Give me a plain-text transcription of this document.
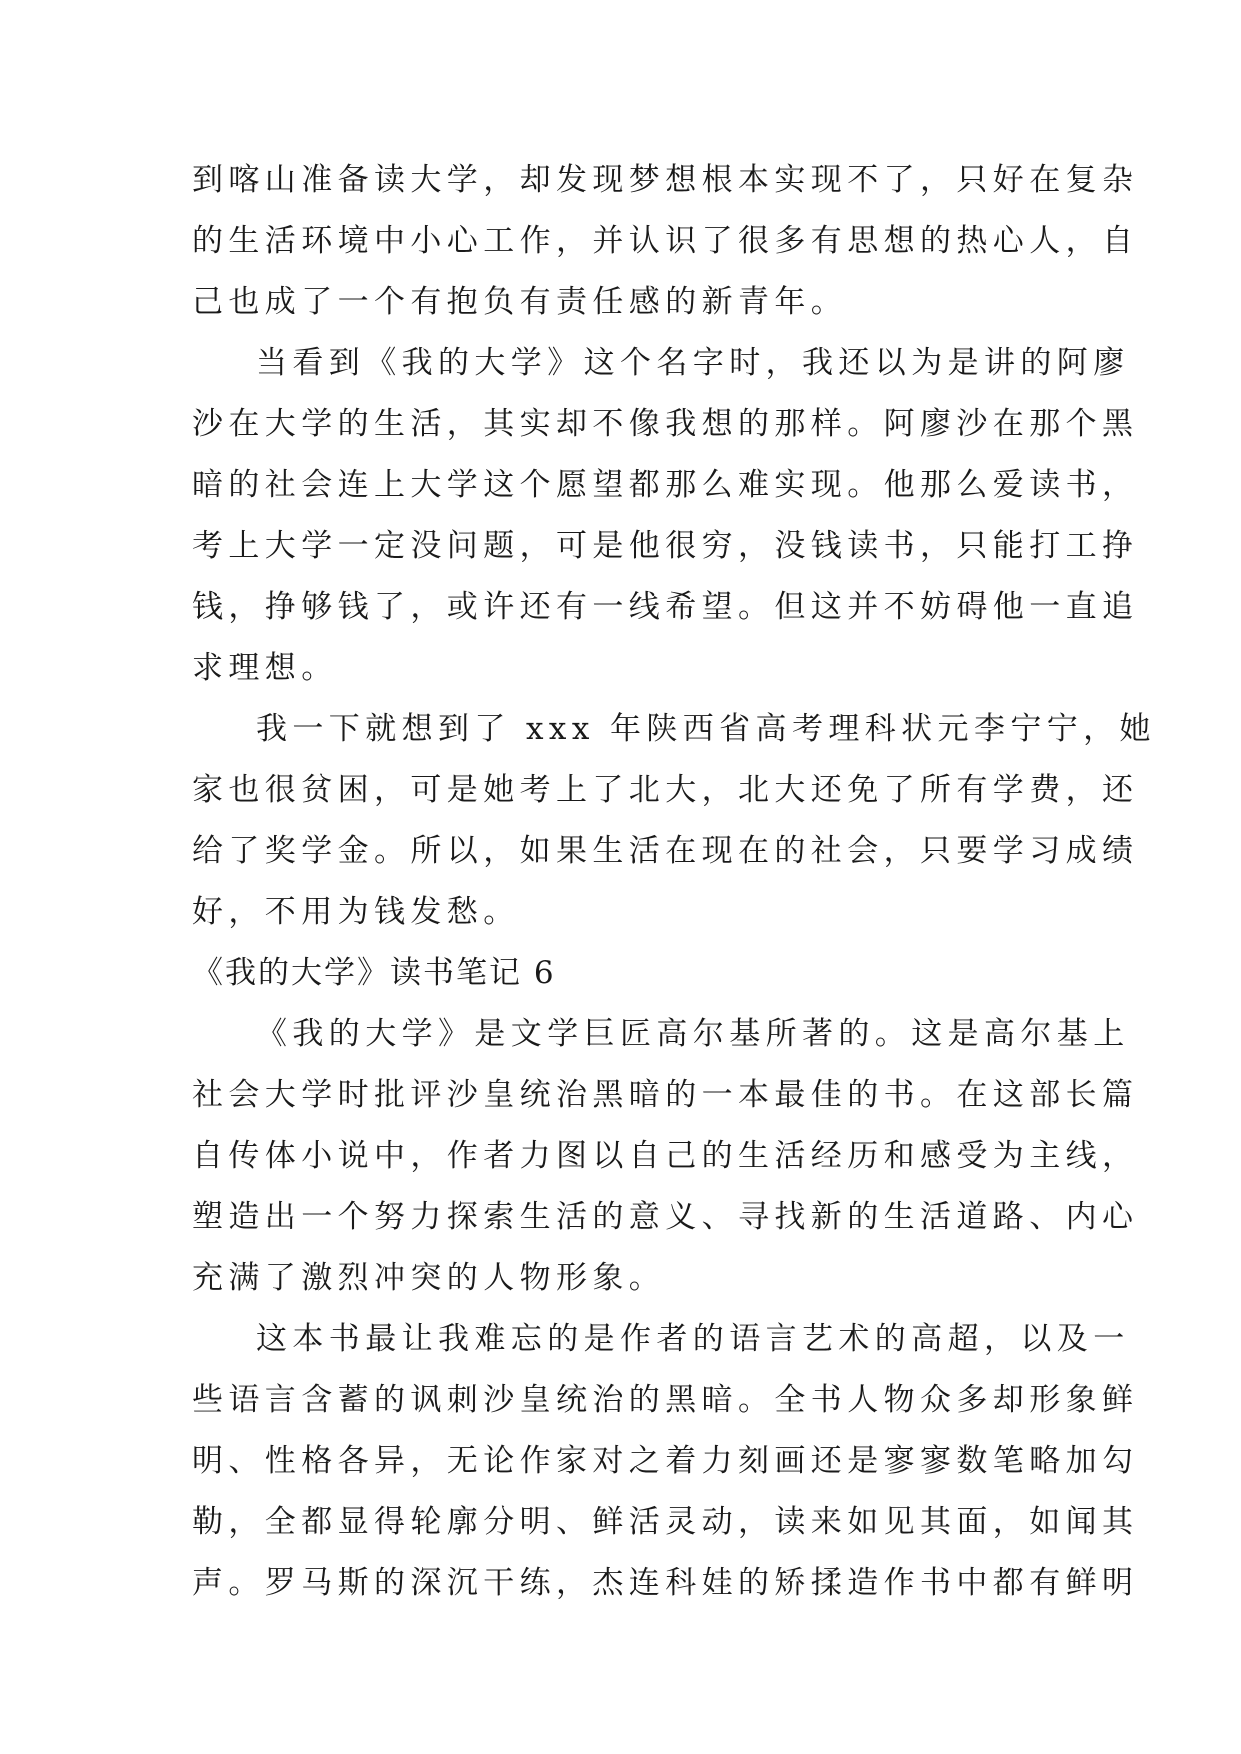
到喀山准备读大学，却发现梦想根本实现不了，只好在复杂
的生活环境中小心工作，并认识了很多有思想的热心人，自
己也成了一个有抱负有责任感的新青年。
当看到《我的大学》这个名字时，我还以为是讲的阿廖
沙在大学的生活，其实却不像我想的那样。阿廖沙在那个黑
暗的社会连上大学这个愿望都那么难实现。他那么爱读书，
考上大学一定没问题，可是他很穷，没钱读书，只能打工挣
钱，挣够钱了，或许还有一线希望。但这并不妨碍他一直追
求理想。
我一下就想到了 xxx 年陕西省高考理科状元李宁宁，她
家也很贫困，可是她考上了北大，北大还免了所有学费，还
给了奖学金。所以，如果生活在现在的社会，只要学习成绩
好，不用为钱发愁。
《我的大学》读书笔记 6
《我的大学》是文学巨匠高尔基所著的。这是高尔基上
社会大学时批评沙皇统治黑暗的一本最佳的书。在这部长篇
自传体小说中，作者力图以自己的生活经历和感受为主线，
塑造出一个努力探索生活的意义、寻找新的生活道路、内心
充满了激烈冲突的人物形象。
这本书最让我难忘的是作者的语言艺术的高超，以及一
些语言含蓄的讽刺沙皇统治的黑暗。全书人物众多却形象鲜
明、性格各异，无论作家对之着力刻画还是寥寥数笔略加勾
勒，全都显得轮廓分明、鲜活灵动，读来如见其面，如闻其
声。罗马斯的深沉干练，杰连科娃的矫揉造作书中都有鲜明
